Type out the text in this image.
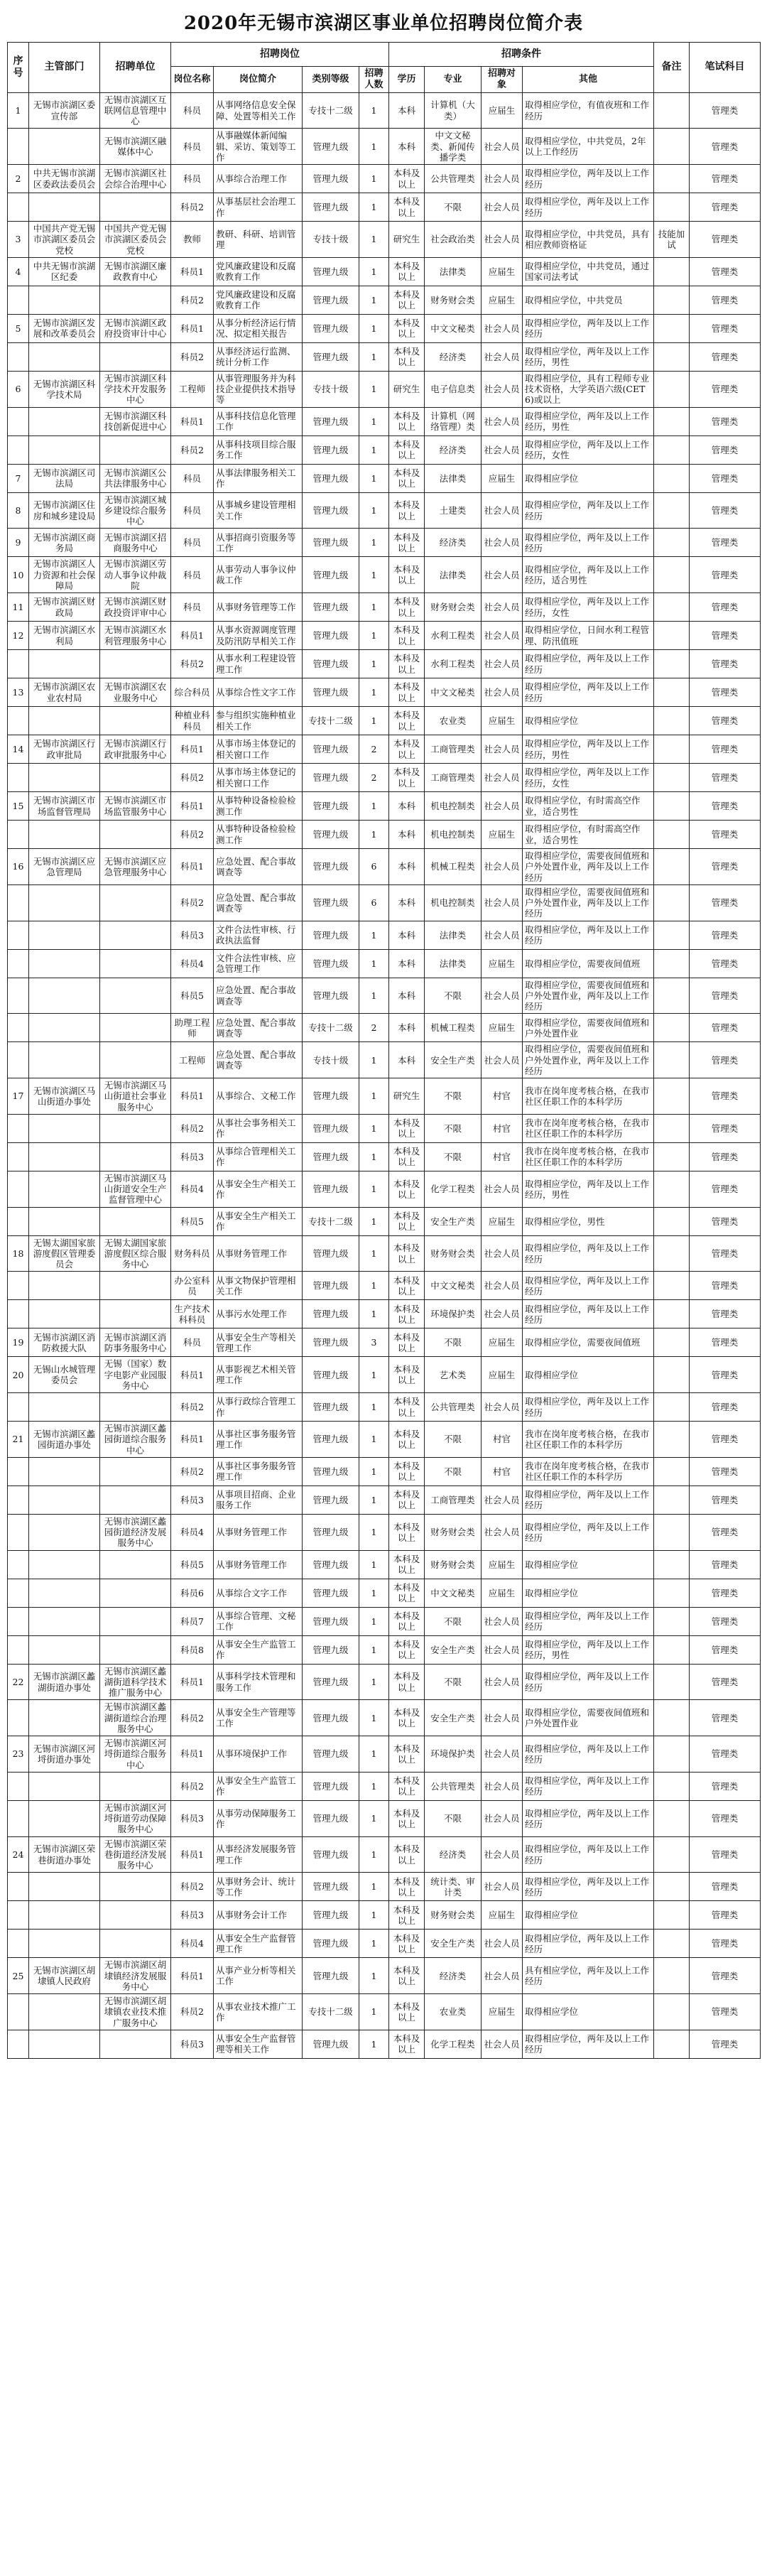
2020年无锡市滨湖区事业单位招聘岗位简介表
序号	主管部门	招聘单位	招聘岗位				招聘条件				备注	笔试科目
			岗位名称	岗位简介	类别等级	招聘人数	学历	专业	招聘对象	其他		
1	无锡市滨湖区委宣传部	无锡市滨湖区互联网信息管理中心	科员	从事网络信息安全保障、处置等相关工作	专技十二级	1	本科	计算机（大类）	应届生	取得相应学位，有值夜班和工作经历		管理类
		无锡市滨湖区融媒体中心	科员	从事融媒体新闻编辑、采访、策划等工作	管理九级	1	本科	中文文秘类、新闻传播学类	社会人员	取得相应学位，中共党员，2年以上工作经历		管理类
2	中共无锡市滨湖区委政法委员会	无锡市滨湖区社会综合治理中心	科员	从事综合治理工作	管理九级	1	本科及以上	公共管理类	社会人员	取得相应学位，两年及以上工作经历		管理类
			科员2	从事基层社会治理工作	管理九级	1	本科及以上	不限	社会人员	取得相应学位，两年及以上工作经历		管理类
3	中国共产党无锡市滨湖区委员会党校	中国共产党无锡市滨湖区委员会党校	教师	教研、科研、培训管理	专技十级	1	研究生	社会政治类	社会人员	取得相应学位，中共党员，具有相应教师资格证	技能加试	管理类
4	中共无锡市滨湖区纪委	无锡市滨湖区廉政教育中心	科员1	党风廉政建设和反腐败教育工作	管理九级	1	本科及以上	法律类	应届生	取得相应学位，中共党员，通过国家司法考试		管理类
			科员2	党风廉政建设和反腐败教育工作	管理九级	1	本科及以上	财务财会类	应届生	取得相应学位，中共党员		管理类
5	无锡市滨湖区发展和改革委员会	无锡市滨湖区政府投资审计中心	科员1	从事分析经济运行情况、拟定相关报告	管理九级	1	本科及以上	中文文秘类	社会人员	取得相应学位，两年及以上工作经历		管理类
			科员2	从事经济运行监测、统计分析工作	管理九级	1	本科及以上	经济类	社会人员	取得相应学位，两年及以上工作经历，男性		管理类
6	无锡市滨湖区科学技术局	无锡市滨湖区科学技术开发服务中心	工程师	从事管理服务并为科技企业提供技术指导等	专技十级	1	研究生	电子信息类	社会人员	取得相应学位，具有工程师专业技术资格，大学英语六级(CET6)或以上		管理类
		无锡市滨湖区科技创新促进中心	科员1	从事科技信息化管理工作	管理九级	1	本科及以上	计算机（网络管理）类	社会人员	取得相应学位，两年及以上工作经历，男性		管理类
			科员2	从事科技项目综合服务工作	管理九级	1	本科及以上	经济类	社会人员	取得相应学位，两年及以上工作经历，女性		管理类
7	无锡市滨湖区司法局	无锡市滨湖区公共法律服务中心	科员	从事法律服务相关工作	管理九级	1	本科及以上	法律类	应届生	取得相应学位		管理类
8	无锡市滨湖区住房和城乡建设局	无锡市滨湖区城乡建设综合服务中心	科员	从事城乡建设管理相关工作	管理九级	1	本科及以上	土建类	社会人员	取得相应学位，两年及以上工作经历		管理类
9	无锡市滨湖区商务局	无锡市滨湖区招商服务中心	科员	从事招商引资服务等工作	管理九级	1	本科及以上	经济类	社会人员	取得相应学位，两年及以上工作经历		管理类
10	无锡市滨湖区人力资源和社会保障局	无锡市滨湖区劳动人事争议仲裁院	科员	从事劳动人事争议仲裁工作	管理九级	1	本科及以上	法律类	社会人员	取得相应学位，两年及以上工作经历，适合男性		管理类
11	无锡市滨湖区财政局	无锡市滨湖区财政投资评审中心	科员	从事财务管理等工作	管理九级	1	本科及以上	财务财会类	社会人员	取得相应学位，两年及以上工作经历，女性		管理类
12	无锡市滨湖区水利局	无锡市滨湖区水利管理服务中心	科员1	从事水资源调度管理及防汛防旱相关工作	管理九级	1	本科及以上	水利工程类	社会人员	取得相应学位，日间水利工程管理、防汛值班		管理类
			科员2	从事水利工程建设管理工作	管理九级	1	本科及以上	水利工程类	社会人员	取得相应学位，两年及以上工作经历		管理类
13	无锡市滨湖区农业农村局	无锡市滨湖区农业服务中心	综合科员	从事综合性文字工作	管理九级	1	本科及以上	中文文秘类	社会人员	取得相应学位，两年及以上工作经历		管理类
			种植业科科员	参与组织实施种植业相关工作	专技十二级	1	本科及以上	农业类	应届生	取得相应学位		管理类
14	无锡市滨湖区行政审批局	无锡市滨湖区行政审批服务中心	科员1	从事市场主体登记的相关窗口工作	管理九级	2	本科及以上	工商管理类	社会人员	取得相应学位，两年及以上工作经历，男性		管理类
			科员2	从事市场主体登记的相关窗口工作	管理九级	2	本科及以上	工商管理类	社会人员	取得相应学位，两年及以上工作经历，女性		管理类
15	无锡市滨湖区市场监督管理局	无锡市滨湖区市场监管服务中心	科员1	从事特种设备检验检测工作	管理九级	1	本科	机电控制类	社会人员	取得相应学位，有时需高空作业，适合男性		管理类
			科员2	从事特种设备检验检测工作	管理九级	1	本科	机电控制类	应届生	取得相应学位，有时需高空作业，适合男性		管理类
16	无锡市滨湖区应急管理局	无锡市滨湖区应急管理服务中心	科员1	应急处置、配合事故调查等	管理九级	6	本科	机械工程类	社会人员	取得相应学位，需要夜间值班和户外处置作业，两年及以上工作经历		管理类
			科员2	应急处置、配合事故调查等	管理九级	6	本科	机电控制类	社会人员	取得相应学位，需要夜间值班和户外处置作业，两年及以上工作经历		管理类
			科员3	文件合法性审核、行政执法监督	管理九级	1	本科	法律类	社会人员	取得相应学位，两年及以上工作经历		管理类
			科员4	文件合法性审核、应急管理工作	管理九级	1	本科	法律类	应届生	取得相应学位，需要夜间值班		管理类
			科员5	应急处置、配合事故调查等	管理九级	1	本科	不限	社会人员	取得相应学位，需要夜间值班和户外处置作业，两年及以上工作经历		管理类
			助理工程师	应急处置、配合事故调查等	专技十二级	2	本科	机械工程类	应届生	取得相应学位，需要夜间值班和户外处置作业		管理类
			工程师	应急处置、配合事故调查等	专技十级	1	本科	安全生产类	社会人员	取得相应学位，需要夜间值班和户外处置作业，两年及以上工作经历		管理类
17	无锡市滨湖区马山街道办事处	无锡市滨湖区马山街道社会事业服务中心	科员1	从事综合、文秘工作	管理九级	1	研究生	不限	村官	我市在岗年度考核合格，在我市社区任职工作的本科学历		管理类
			科员2	从事社会事务相关工作	管理九级	1	本科及以上	不限	村官	我市在岗年度考核合格，在我市社区任职工作的本科学历		管理类
			科员3	从事综合管理相关工作	管理九级	1	本科及以上	不限	村官	我市在岗年度考核合格，在我市社区任职工作的本科学历		管理类
		无锡市滨湖区马山街道安全生产监督管理中心	科员4	从事安全生产相关工作	管理九级	1	本科及以上	化学工程类	社会人员	取得相应学位，两年及以上工作经历，男性		管理类
			科员5	从事安全生产相关工作	专技十二级	1	本科及以上	安全生产类	应届生	取得相应学位，男性		管理类
18	无锡太湖国家旅游度假区管理委员会	无锡太湖国家旅游度假区综合服务中心	财务科员	从事财务管理工作	管理九级	1	本科及以上	财务财会类	社会人员	取得相应学位，两年及以上工作经历		管理类
			办公室科员	从事文物保护管理相关工作	管理九级	1	本科及以上	中文文秘类	社会人员	取得相应学位，两年及以上工作经历		管理类
			生产技术科科员	从事污水处理工作	管理九级	1	本科及以上	环境保护类	社会人员	取得相应学位，两年及以上工作经历		管理类
19	无锡市滨湖区消防救援大队	无锡市滨湖区消防事务服务中心	科员	从事安全生产等相关管理工作	管理九级	3	本科及以上	不限	应届生	取得相应学位，需要夜间值班		管理类
20	无锡山水城管理委员会	无锡（国家）数字电影产业园服务中心	科员1	从事影视艺术相关管理工作	管理九级	1	本科及以上	艺术类	应届生	取得相应学位		管理类
			科员2	从事行政综合管理工作	管理九级	1	本科及以上	公共管理类	社会人员	取得相应学位，两年及以上工作经历		管理类
21	无锡市滨湖区蠡园街道办事处	无锡市滨湖区蠡园街道综合服务中心	科员1	从事社区事务服务管理工作	管理九级	1	本科及以上	不限	村官	我市在岗年度考核合格，在我市社区任职工作的本科学历		管理类
			科员2	从事社区事务服务管理工作	管理九级	1	本科及以上	不限	村官	我市在岗年度考核合格，在我市社区任职工作的本科学历		管理类
			科员3	从事项目招商、企业服务工作	管理九级	1	本科及以上	工商管理类	社会人员	取得相应学位，两年及以上工作经历		管理类
		无锡市滨湖区蠡园街道经济发展服务中心	科员4	从事财务管理工作	管理九级	1	本科及以上	财务财会类	社会人员	取得相应学位，两年及以上工作经历		管理类
			科员5	从事财务管理工作	管理九级	1	本科及以上	财务财会类	应届生	取得相应学位		管理类
			科员6	从事综合文字工作	管理九级	1	本科及以上	中文文秘类	应届生	取得相应学位		管理类
			科员7	从事综合管理、文秘工作	管理九级	1	本科及以上	不限	社会人员	取得相应学位，两年及以上工作经历		管理类
			科员8	从事安全生产监管工作	管理九级	1	本科及以上	安全生产类	社会人员	取得相应学位，两年及以上工作经历，男性		管理类
22	无锡市滨湖区蠡湖街道办事处	无锡市滨湖区蠡湖街道科学技术推广服务中心	科员1	从事科学技术管理和服务工作	管理九级	1	本科及以上	不限	社会人员	取得相应学位，两年及以上工作经历		管理类
		无锡市滨湖区蠡湖街道综合治理服务中心	科员2	从事安全生产管理等工作	管理九级	1	本科及以上	安全生产类	社会人员	取得相应学位，需要夜间值班和户外处置作业		管理类
23	无锡市滨湖区河埒街道办事处	无锡市滨湖区河埒街道综合服务中心	科员1	从事环境保护工作	管理九级	1	本科及以上	环境保护类	社会人员	取得相应学位，两年及以上工作经历		管理类
			科员2	从事安全生产监管工作	管理九级	1	本科及以上	公共管理类	社会人员	取得相应学位，两年及以上工作经历		管理类
		无锡市滨湖区河埒街道劳动保障服务中心	科员3	从事劳动保障服务工作	管理九级	1	本科及以上	不限	社会人员	取得相应学位，两年及以上工作经历		管理类
24	无锡市滨湖区荣巷街道办事处	无锡市滨湖区荣巷街道经济发展服务中心	科员1	从事经济发展服务管理工作	管理九级	1	本科及以上	经济类	社会人员	取得相应学位，两年及以上工作经历		管理类
			科员2	从事财务会计、统计等工作	管理九级	1	本科及以上	统计类、审计类	社会人员	取得相应学位，两年及以上工作经历		管理类
			科员3	从事财务会计工作	管理九级	1	本科及以上	财务财会类	应届生	取得相应学位		管理类
			科员4	从事安全生产监督管理工作	管理九级	1	本科及以上	安全生产类	社会人员	取得相应学位，两年及以上工作经历		管理类
25	无锡市滨湖区胡埭镇人民政府	无锡市滨湖区胡埭镇经济发展服务中心	科员1	从事产业分析等相关工作	管理九级	1	本科及以上	经济类	社会人员	具有相应学位，两年及以上工作经历		管理类
		无锡市滨湖区胡埭镇农业技术推广服务中心	科员2	从事农业技术推广工作	专技十二级	1	本科及以上	农业类	应届生	取得相应学位		管理类
			科员3	从事安全生产监督管理等相关工作	管理九级	1	本科及以上	化学工程类	社会人员	取得相应学位，两年及以上工作经历		管理类
